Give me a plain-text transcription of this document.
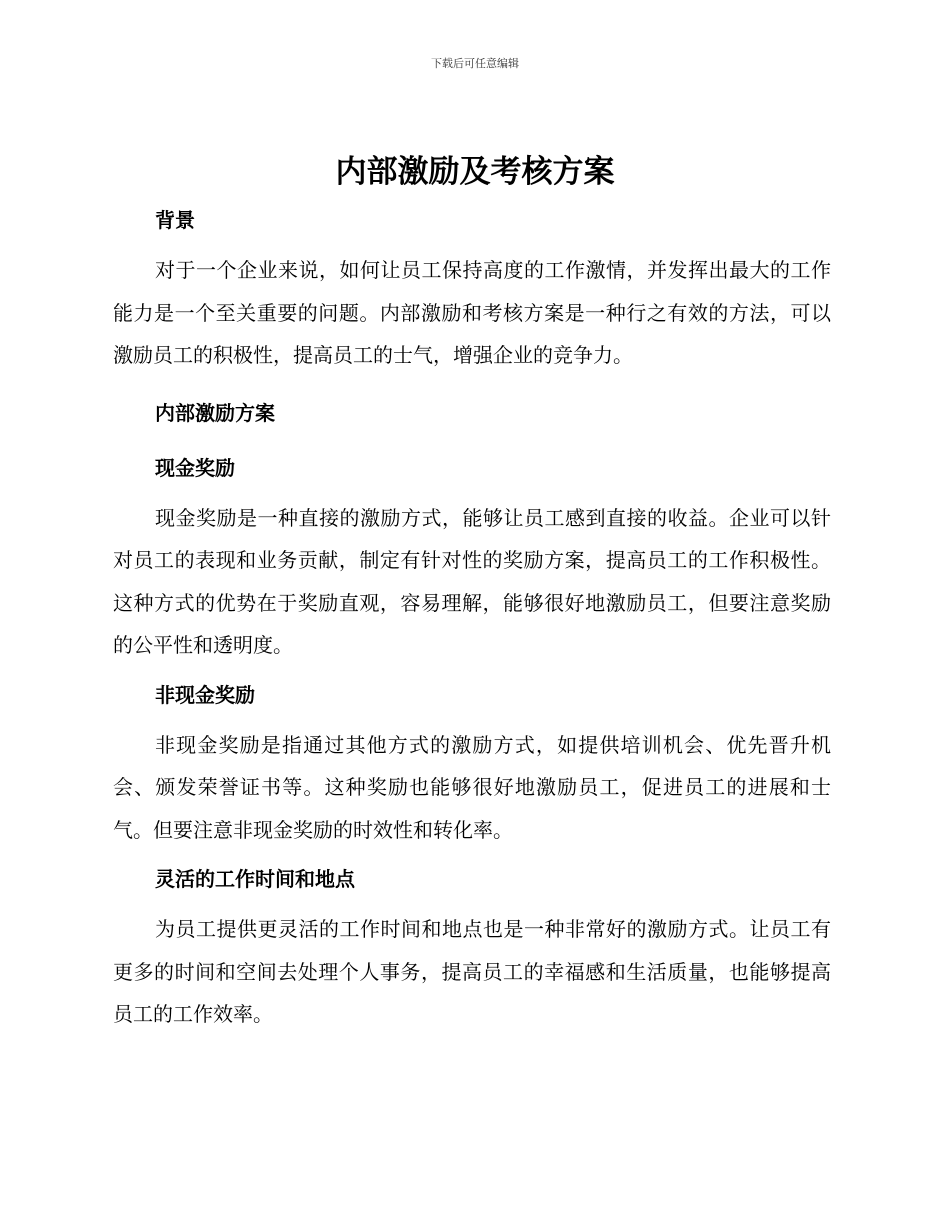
下载后可任意编辑
内部激励及考核方案
背景

对于一个企业来说，如何让员工保持高度的工作激情，并发挥出最大的工作能力是一个至关重要的问题。内部激励和考核方案是一种行之有效的方法，可以激励员工的积极性，提高员工的士气，增强企业的竞争力。

内部激励方案
现金奖励

现金奖励是一种直接的激励方式，能够让员工感到直接的收益。企业可以针对员工的表现和业务贡献，制定有针对性的奖励方案，提高员工的工作积极性。这种方式的优势在于奖励直观，容易理解，能够很好地激励员工，但要注意奖励的公平性和透明度。

非现金奖励

非现金奖励是指通过其他方式的激励方式，如提供培训机会、优先晋升机会、颁发荣誉证书等。这种奖励也能够很好地激励员工，促进员工的进展和士气。但要注意非现金奖励的时效性和转化率。

灵活的工作时间和地点

为员工提供更灵活的工作时间和地点也是一种非常好的激励方式。让员工有更多的时间和空间去处理个人事务，提高员工的幸福感和生活质量，也能够提高员工的工作效率。
